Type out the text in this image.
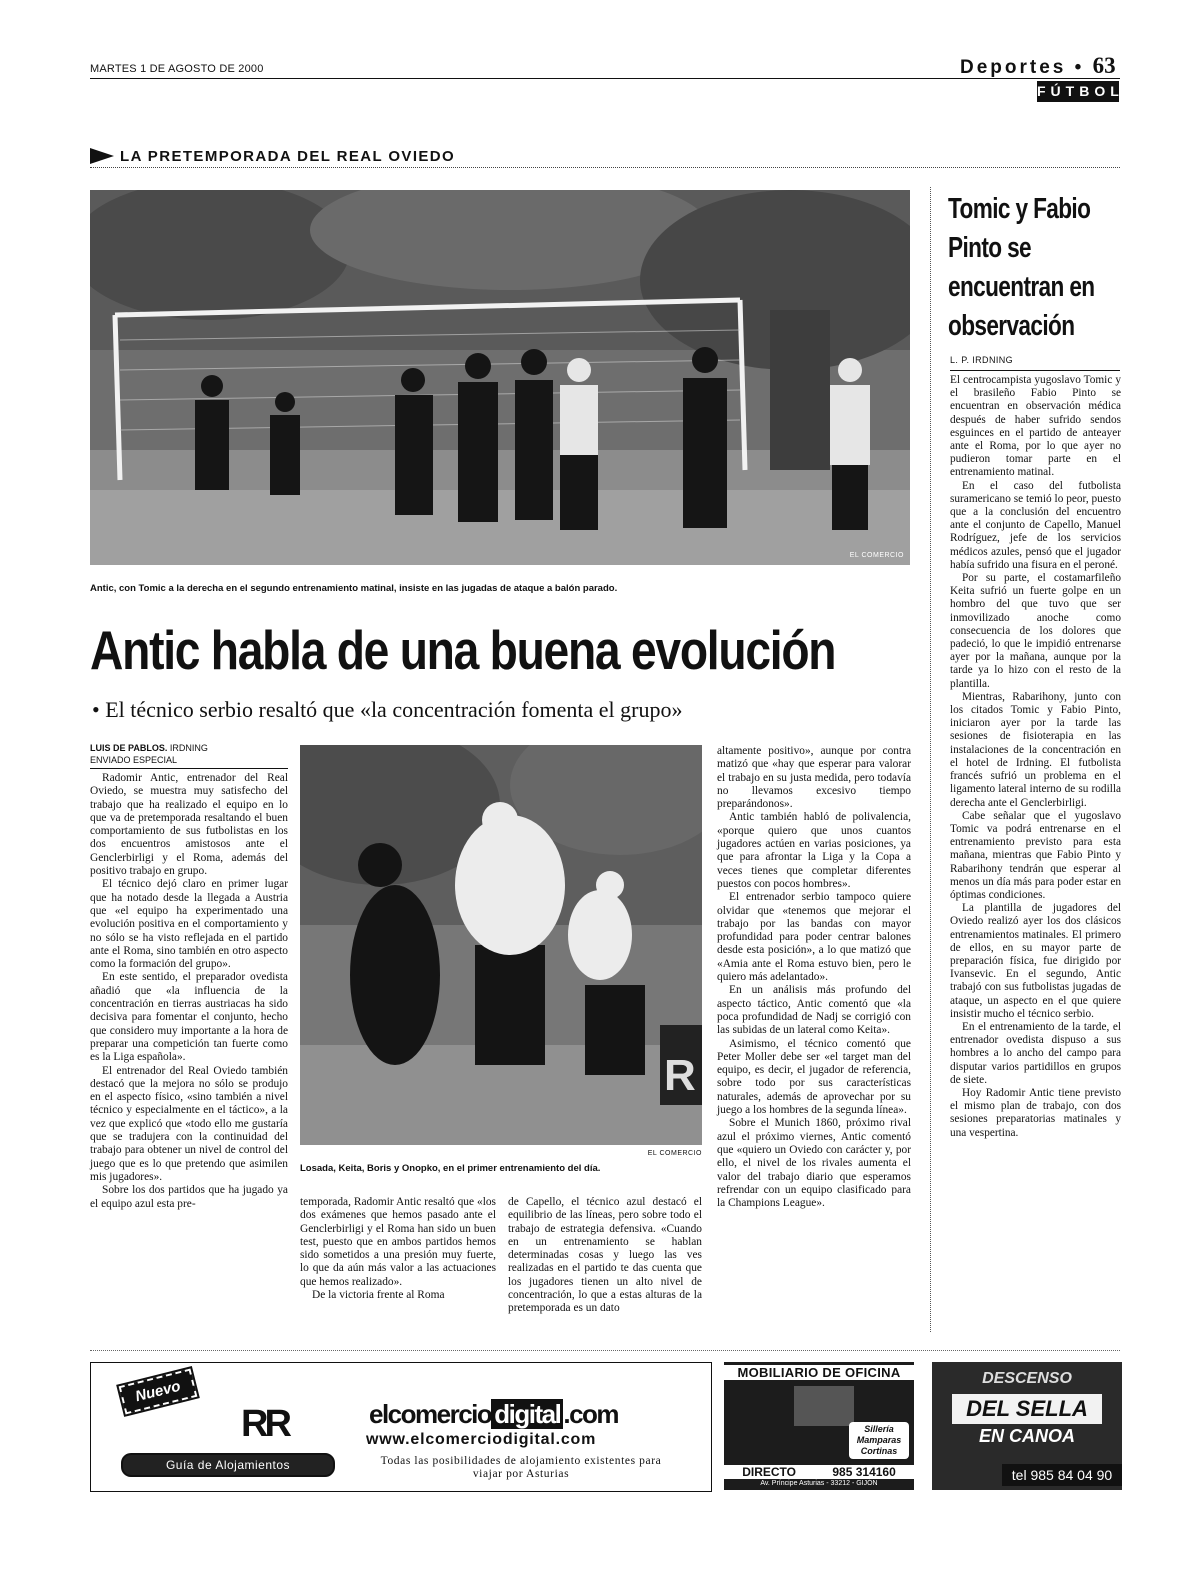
MARTES 1 DE AGOSTO DE 2000	Deportes • 63
FÚTBOL
LA PRETEMPORADA DEL REAL OVIEDO
EL COMERCIO
Antic, con Tomic a la derecha en el segundo entrenamiento matinal, insiste en las jugadas de ataque a balón parado.
Antic habla de una buena evolución
• El técnico serbio resaltó que «la concentración fomenta el grupo»
LUIS DE PABLOS. IRDNING
ENVIADO ESPECIAL

Radomir Antic, entrenador del Real Oviedo, se muestra muy satisfecho del trabajo que ha realizado el equipo en lo que va de pretemporada resaltando el buen comportamiento de sus futbolistas en los dos encuentros amistosos ante el Genclerbirligi y el Roma, además del positivo trabajo en grupo.

El técnico dejó claro en primer lugar que ha notado desde la llegada a Austria que «el equipo ha experimentado una evolución positiva en el comportamiento y no sólo se ha visto reflejada en el partido ante el Roma, sino también en otro aspecto como la formación del grupo».

En este sentido, el preparador ovedista añadió que «la influencia de la concentración en tierras austriacas ha sido decisiva para fomentar el conjunto, hecho que considero muy importante a la hora de preparar una competición tan fuerte como es la Liga española».

El entrenador del Real Oviedo también destacó que la mejora no sólo se produjo en el aspecto físico, «sino también a nivel técnico y especialmente en el táctico», a la vez que explicó que «todo ello me gustaría que se tradujera con la continuidad del trabajo para obtener un nivel de control del juego que es lo que pretendo que asimilen mis jugadores».

Sobre los dos partidos que ha jugado ya el equipo azul esta pre-

R
EL COMERCIO
Losada, Keita, Boris y Onopko, en el primer entrenamiento del día.

temporada, Radomir Antic resaltó que «los dos exámenes que hemos pasado ante el Genclerbirligi y el Roma han sido un buen test, puesto que en ambos partidos hemos sido sometidos a una presión muy fuerte, lo que da aún más valor a las actuaciones que hemos realizado».

De la victoria frente al Roma

de Capello, el técnico azul destacó el equilibrio de las líneas, pero sobre todo el trabajo de estrategia defensiva. «Cuando en un entrenamiento se hablan determinadas cosas y luego las ves realizadas en el partido te das cuenta que los jugadores tienen un alto nivel de concentración, lo que a estas alturas de la pretemporada es un dato

altamente positivo», aunque por contra matizó que «hay que esperar para valorar el trabajo en su justa medida, pero todavía no llevamos excesivo tiempo preparándonos».

Antic también habló de polivalencia, «porque quiero que unos cuantos jugadores actúen en varias posiciones, ya que para afrontar la Liga y la Copa a veces tienes que completar diferentes puestos con pocos hombres».

El entrenador serbio tampoco quiere olvidar que «tenemos que mejorar el trabajo por las bandas con mayor profundidad para poder centrar balones desde esta posición», a lo que matizó que «Amia ante el Roma estuvo bien, pero le quiero más adelantado».

En un análisis más profundo del aspecto táctico, Antic comentó que «la poca profundidad de Nadj se corrigió con las subidas de un lateral como Keita».

Asimismo, el técnico comentó que Peter Moller debe ser «el target man del equipo, es decir, el jugador de referencia, sobre todo por sus características naturales, además de aprovechar por su juego a los hombres de la segunda línea».

Sobre el Munich 1860, próximo rival azul el próximo viernes, Antic comentó que «quiero un Oviedo con carácter y, por ello, el nivel de los rivales aumenta el valor del trabajo diario que esperamos refrendar con un equipo clasificado para la Champions League».

Tomic y Fabio Pinto se encuentran en observación
L. P. IRDNING

El centrocampista yugoslavo Tomic y el brasileño Fabio Pinto se encuentran en observación médica después de haber sufrido sendos esguinces en el partido de anteayer ante el Roma, por lo que ayer no pudieron tomar parte en el entrenamiento matinal.

En el caso del futbolista suramericano se temió lo peor, puesto que a la conclusión del encuentro ante el conjunto de Capello, Manuel Rodríguez, jefe de los servicios médicos azules, pensó que el jugador había sufrido una fisura en el peroné.

Por su parte, el costamarfileño Keita sufrió un fuerte golpe en un hombro del que tuvo que ser inmovilizado anoche como consecuencia de los dolores que padeció, lo que le impidió entrenarse ayer por la mañana, aunque por la tarde ya lo hizo con el resto de la plantilla.

Mientras, Rabarihony, junto con los citados Tomic y Fabio Pinto, iniciaron ayer por la tarde las sesiones de fisioterapia en las instalaciones de la concentración en el hotel de Irdning. El futbolista francés sufrió un problema en el ligamento lateral interno de su rodilla derecha ante el Genclerbirligi.

Cabe señalar que el yugoslavo Tomic va podrá entrenarse en el entrenamiento previsto para esta mañana, mientras que Fabio Pinto y Rabarihony tendrán que esperar al menos un día más para poder estar en óptimas condiciones.

La plantilla de jugadores del Oviedo realizó ayer los dos clásicos entrenamientos matinales. El primero de ellos, en su mayor parte de preparación física, fue dirigido por Ivansevic. En el segundo, Antic trabajó con sus futbolistas jugadas de ataque, un aspecto en el que quiere insistir mucho el técnico serbio.

En el entrenamiento de la tarde, el entrenador ovedista dispuso a sus hombres a lo ancho del campo para disputar varios partidillos en grupos de siete.

Hoy Radomir Antic tiene previsto el mismo plan de trabajo, con dos sesiones preparatorias matinales y una vespertina.

Nuevo
RR
Guía de Alojamientos
elcomercio digital .com
www.elcomerciodigital.com
Todas las posibilidades de alojamiento existentes para viajar por Asturias
MOBILIARIO DE OFICINA
Sillería
Mamparas
Cortinas
DIRECTO	985 314160
Av. Príncipe Asturias - 33212 - GIJÓN
DESCENSO
DEL SELLA
EN CANOA
tel 985 84 04 90
